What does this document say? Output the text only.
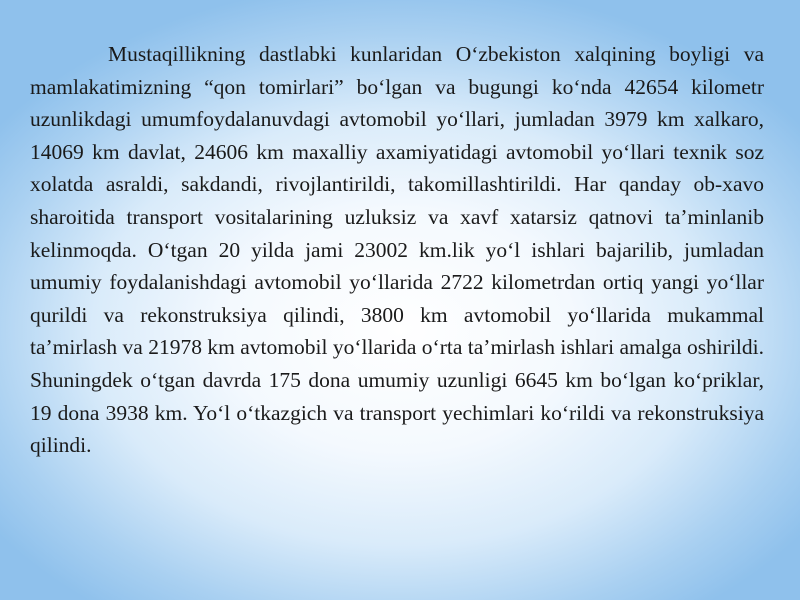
Mustaqillikning dastlabki kunlaridan O‘zbekiston xalqining boyligi va mamlakatimizning “qon tomirlari” bo‘lgan va bugungi ko‘nda 42654 kilometr uzunlikdagi umumfoydalanuvdagi avtomobil yo‘llari, jumladan 3979 km xalkaro, 14069 km davlat, 24606 km maxalliy axamiyatidagi avtomobil yo‘llari texnik soz xolatda asraldi, sakdandi, rivojlantirildi, takomillashtirildi. Har qanday ob-xavo sharoitida transport vositalarining uzluksiz va xavf xatarsiz qatnovi ta’minlanib kelinmoqda. O‘tgan 20 yilda jami 23002 km.lik yo‘l ishlari bajarilib, jumladan umumiy foydalanishdagi avtomobil yo‘llarida 2722 kilometrdan ortiq yangi yo‘llar qurildi va rekonstruksiya qilindi, 3800 km avtomobil yo‘llarida mukammal ta’mirlash va 21978 km avtomobil yo‘llarida o‘rta ta’mirlash ishlari amalga oshirildi. Shuningdek o‘tgan davrda 175 dona umumiy uzunligi 6645 km bo‘lgan ko‘priklar, 19 dona 3938 km. Yo‘l o‘tkazgich va transport yechimlari ko‘rildi va rekonstruksiya qilindi.
